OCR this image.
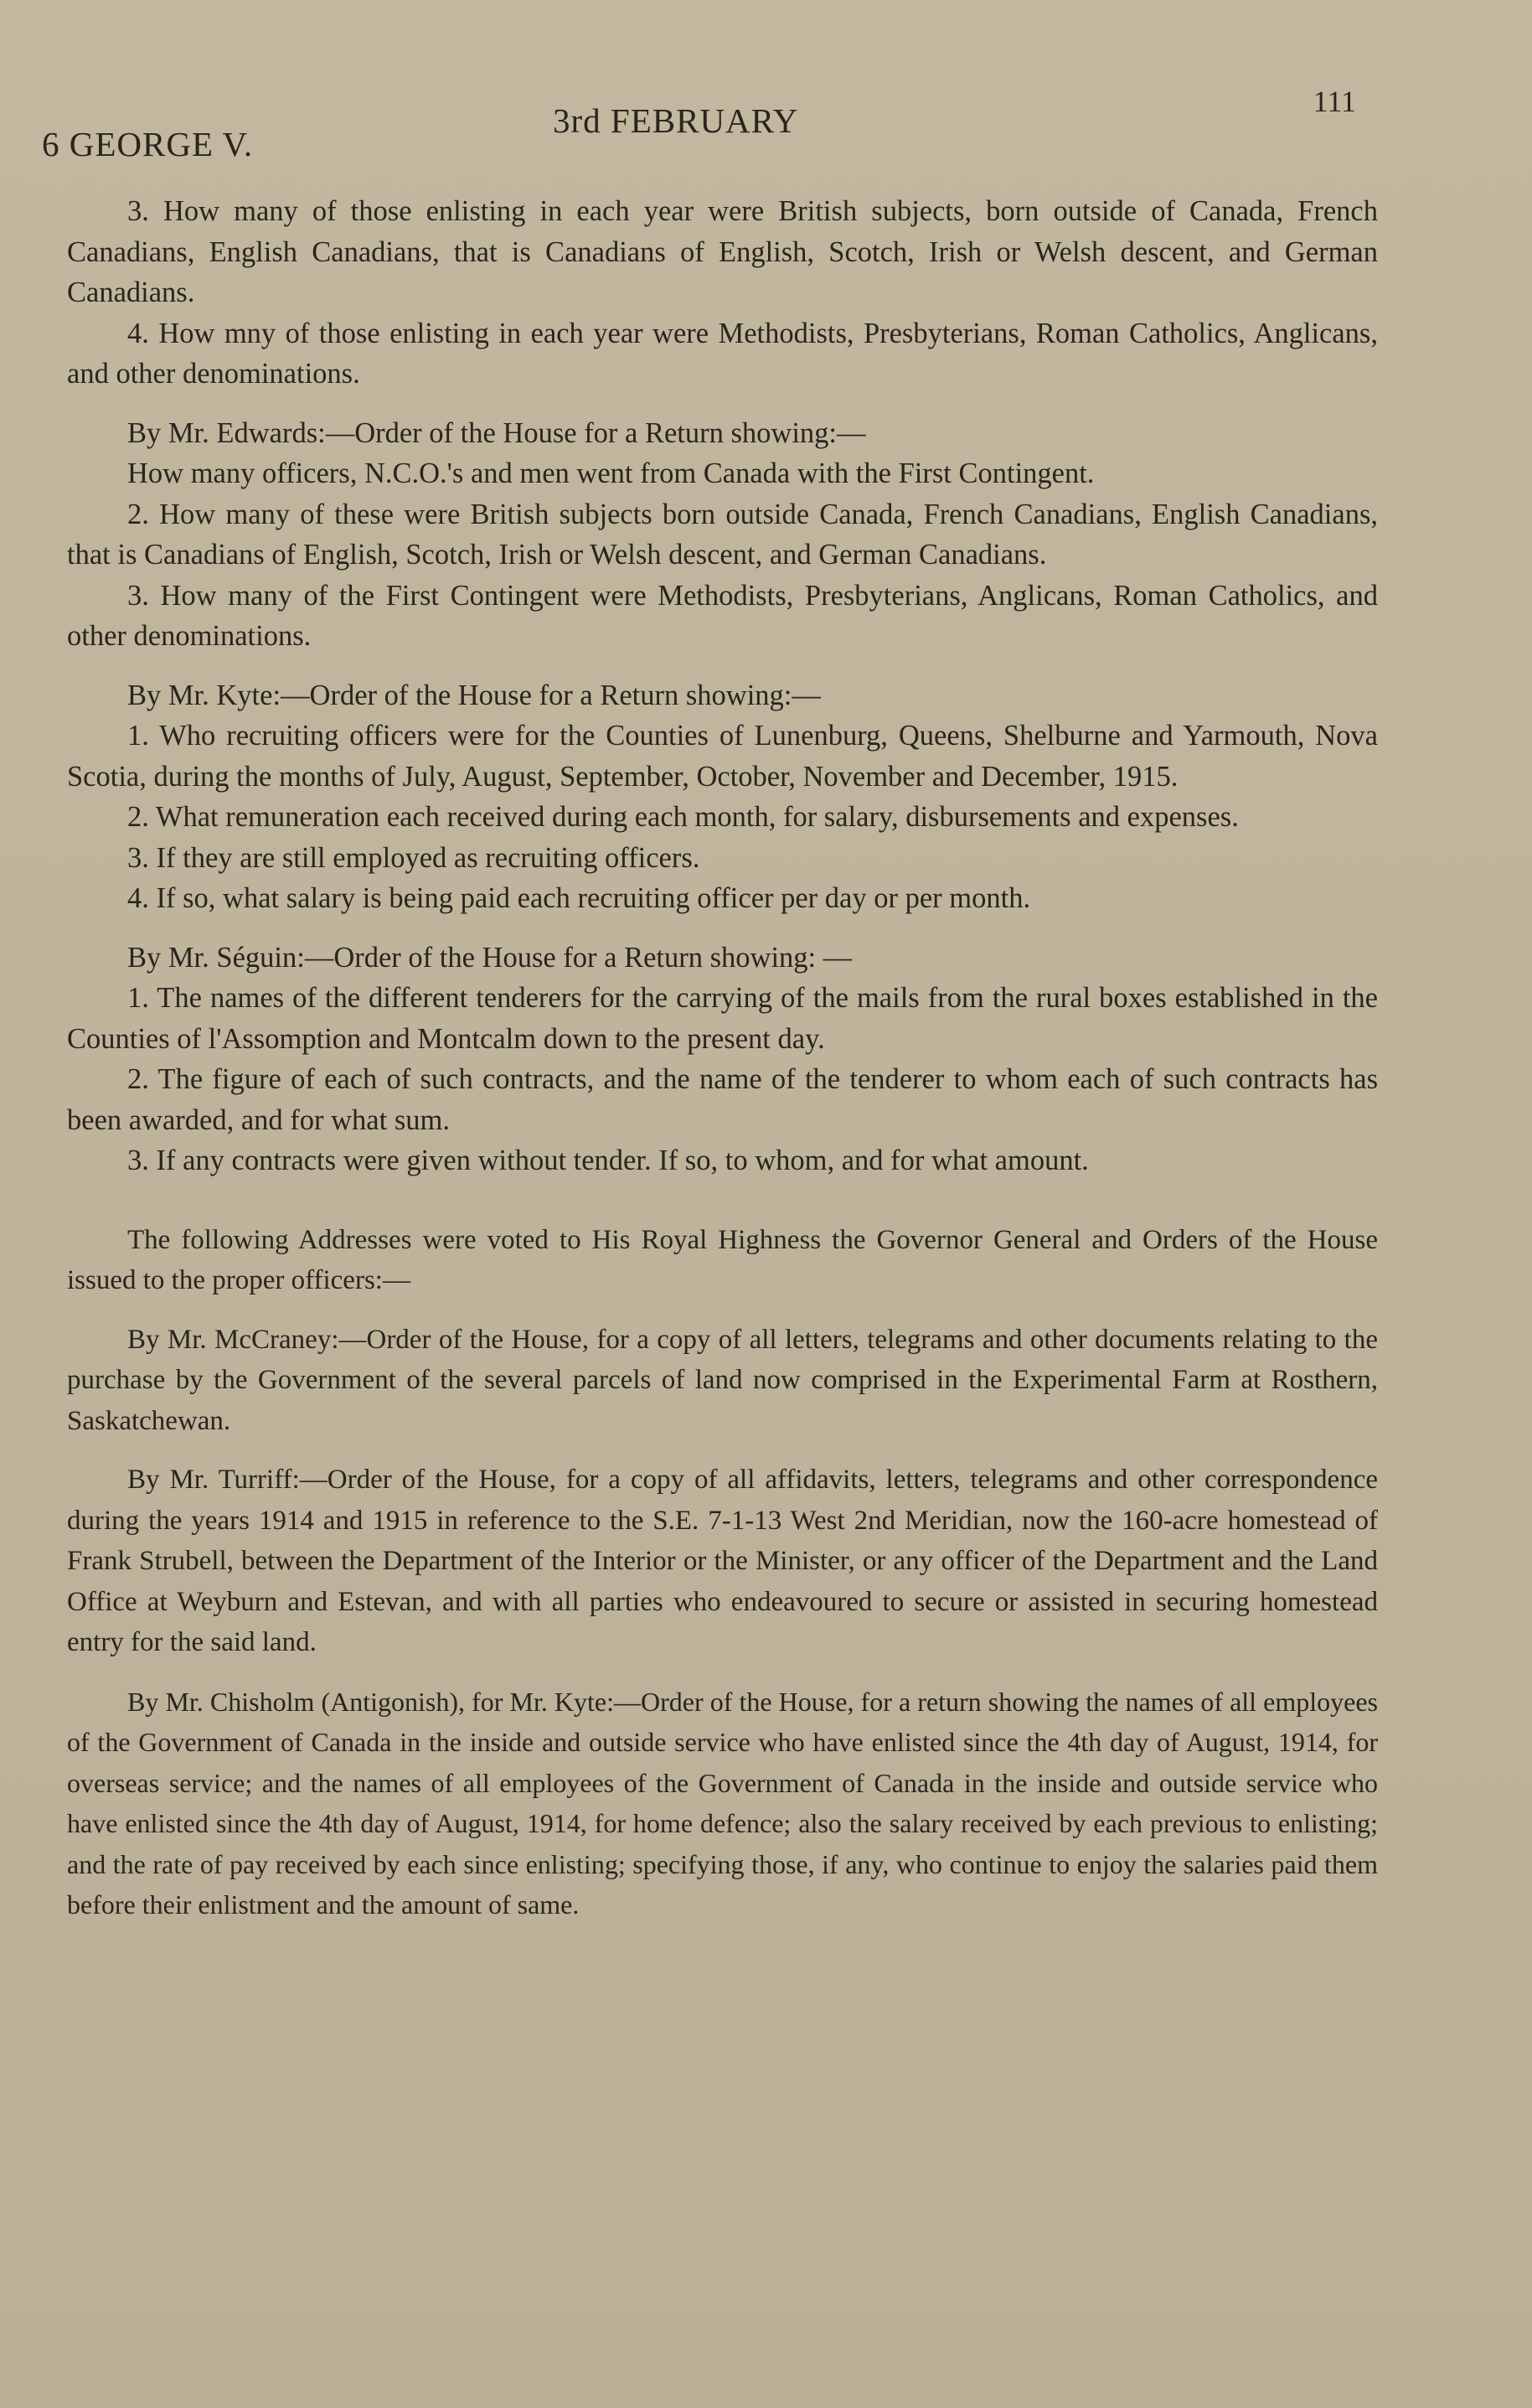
6 GEORGE V.
3rd FEBRUARY	111

3. How many of those enlisting in each year were British subjects, born outside of Canada, French Canadians, English Canadians, that is Canadians of English, Scotch, Irish or Welsh descent, and German Canadians.

4. How mny of those enlisting in each year were Methodists, Presbyterians, Roman Catholics, Anglicans, and other denominations.

By Mr. Edwards:—Order of the House for a Return showing:—

How many officers, N.C.O.'s and men went from Canada with the First Contingent.

2. How many of these were British subjects born outside Canada, French Canadians, English Canadians, that is Canadians of English, Scotch, Irish or Welsh descent, and German Canadians.

3. How many of the First Contingent were Methodists, Presbyterians, Anglicans, Roman Catholics, and other denominations.

By Mr. Kyte:—Order of the House for a Return showing:—

1. Who recruiting officers were for the Counties of Lunenburg, Queens, Shelburne and Yarmouth, Nova Scotia, during the months of July, August, September, October, November and December, 1915.

2. What remuneration each received during each month, for salary, disbursements and expenses.

3. If they are still employed as recruiting officers.

4. If so, what salary is being paid each recruiting officer per day or per month.

By Mr. Séguin:—Order of the House for a Return showing: —

1. The names of the different tenderers for the carrying of the mails from the rural boxes established in the Counties of l'Assomption and Montcalm down to the present day.

2. The figure of each of such contracts, and the name of the tenderer to whom each of such contracts has been awarded, and for what sum.

3. If any contracts were given without tender. If so, to whom, and for what amount.

The following Addresses were voted to His Royal Highness the Governor General and Orders of the House issued to the proper officers:—

By Mr. McCraney:—Order of the House, for a copy of all letters, telegrams and other documents relating to the purchase by the Government of the several parcels of land now comprised in the Experimental Farm at Rosthern, Saskatchewan.

By Mr. Turriff:—Order of the House, for a copy of all affidavits, letters, telegrams and other correspondence during the years 1914 and 1915 in reference to the S.E. 7-1-13 West 2nd Meridian, now the 160-acre homestead of Frank Strubell, between the Department of the Interior or the Minister, or any officer of the Department and the Land Office at Weyburn and Estevan, and with all parties who endeavoured to secure or assisted in securing homestead entry for the said land.

By Mr. Chisholm (Antigonish), for Mr. Kyte:—Order of the House, for a return showing the names of all employees of the Government of Canada in the inside and outside service who have enlisted since the 4th day of August, 1914, for overseas service; and the names of all employees of the Government of Canada in the inside and outside service who have enlisted since the 4th day of August, 1914, for home defence; also the salary received by each previous to enlisting; and the rate of pay received by each since enlisting; specifying those, if any, who continue to enjoy the salaries paid them before their enlistment and the amount of same.
